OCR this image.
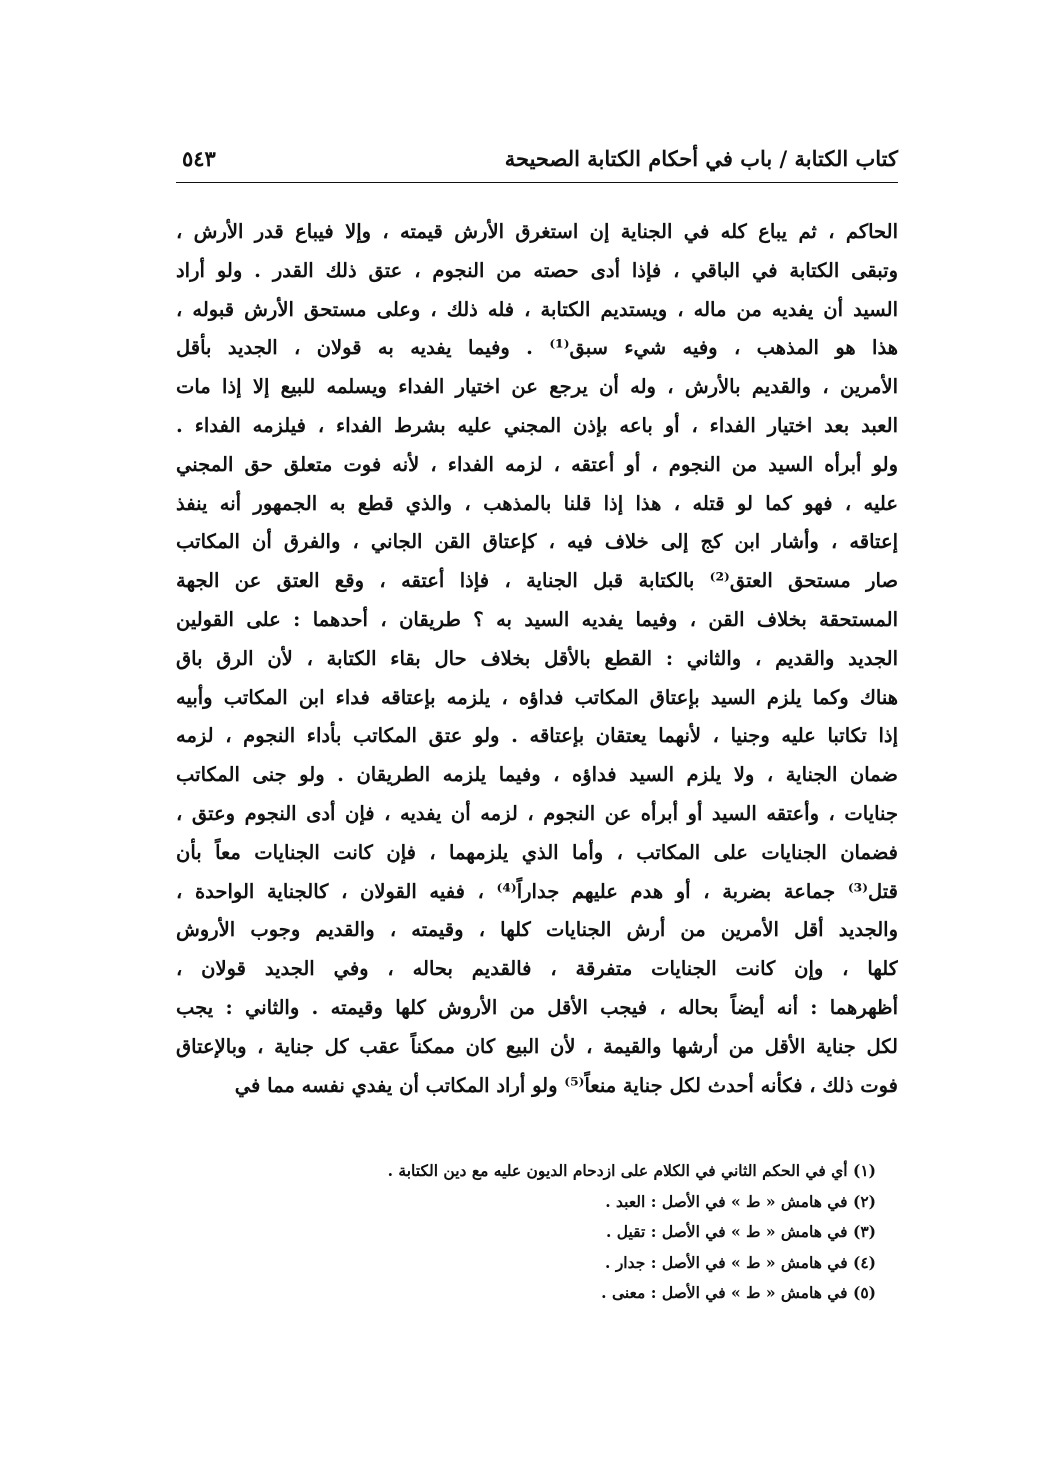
كتاب الكتابة / باب في أحكام الكتابة الصحيحة
٥٤٣
الحاكم ، ثم يباع كله في الجناية إن استغرق الأرش قيمته ، وإلا فيباع قدر الأرش ،
وتبقى الكتابة في الباقي ، فإذا أدى حصته من النجوم ، عتق ذلك القدر . ولو أراد
السيد أن يفديه من ماله ، ويستديم الكتابة ، فله ذلك ، وعلى مستحق الأرش قبوله ،
هذا هو المذهب ، وفيه شيء سبق⁽¹⁾ . وفيما يفديه به قولان ، الجديد بأقل
الأمرين ، والقديم بالأرش ، وله أن يرجع عن اختيار الفداء ويسلمه للبيع إلا إذا مات
العبد بعد اختيار الفداء ، أو باعه بإذن المجني عليه بشرط الفداء ، فيلزمه الفداء .
ولو أبرأه السيد من النجوم ، أو أعتقه ، لزمه الفداء ، لأنه فوت متعلق حق المجني
عليه ، فهو كما لو قتله ، هذا إذا قلنا بالمذهب ، والذي قطع به الجمهور أنه ينفذ
إعتاقه ، وأشار ابن كج إلى خلاف فيه ، كإعتاق القن الجاني ، والفرق أن المكاتب
صار مستحق العتق⁽²⁾ بالكتابة قبل الجناية ، فإذا أعتقه ، وقع العتق عن الجهة
المستحقة بخلاف القن ، وفيما يفديه السيد به ؟ طريقان ، أحدهما : على القولين
الجديد والقديم ، والثاني : القطع بالأقل بخلاف حال بقاء الكتابة ، لأن الرق باق
هناك وكما يلزم السيد بإعتاق المكاتب فداؤه ، يلزمه بإعتاقه فداء ابن المكاتب وأبيه
إذا تكاتبا عليه وجنيا ، لأنهما يعتقان بإعتاقه . ولو عتق المكاتب بأداء النجوم ، لزمه
ضمان الجناية ، ولا يلزم السيد فداؤه ، وفيما يلزمه الطريقان . ولو جنى المكاتب
جنايات ، وأعتقه السيد أو أبرأه عن النجوم ، لزمه أن يفديه ، فإن أدى النجوم وعتق ،
فضمان الجنايات على المكاتب ، وأما الذي يلزمهما ، فإن كانت الجنايات معاً بأن
قتل⁽³⁾ جماعة بضربة ، أو هدم عليهم جداراً⁽⁴⁾ ، ففيه القولان ، كالجناية الواحدة ،
والجديد أقل الأمرين من أرش الجنايات كلها ، وقيمته ، والقديم وجوب الأروش
كلها ، وإن كانت الجنايات متفرقة ، فالقديم بحاله ، وفي الجديد قولان ،
أظهرهما : أنه أيضاً بحاله ، فيجب الأقل من الأروش كلها وقيمته . والثاني : يجب
لكل جناية الأقل من أرشها والقيمة ، لأن البيع كان ممكناً عقب كل جناية ، وبالإعتاق
فوت ذلك ، فكأنه أحدث لكل جناية منعاً⁽⁵⁾ ولو أراد المكاتب أن يفدي نفسه مما في
(١) أي في الحكم الثاني في الكلام على ازدحام الديون عليه مع دين الكتابة .
(٢) في هامش « ط » في الأصل : العبد .
(٣) في هامش « ط » في الأصل : تقيل .
(٤) في هامش « ط » في الأصل : جدار .
(٥) في هامش « ط » في الأصل : معنى .
